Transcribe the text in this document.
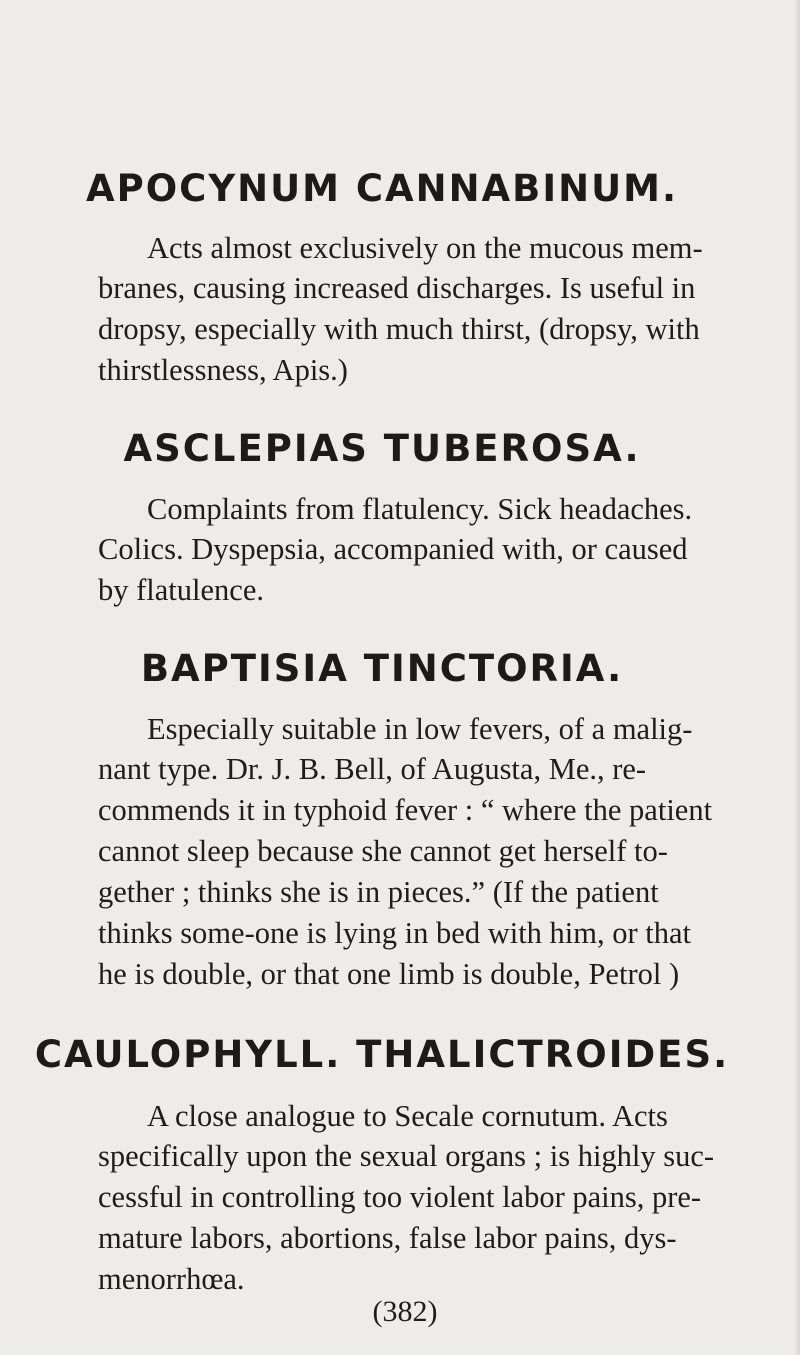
APOCYNUM CANNABINUM.
Acts almost exclusively on the mucous mem-
branes, causing increased discharges. Is useful in
dropsy, especially with much thirst, (dropsy, with
thirstlessness, Apis.)
ASCLEPIAS TUBEROSA.
Complaints from flatulency. Sick headaches.
Colics. Dyspepsia, accompanied with, or caused
by flatulence.
BAPTISIA TINCTORIA.
Especially suitable in low fevers, of a malig-
nant type. Dr. J. B. Bell, of Augusta, Me., re-
commends it in typhoid fever : “ where the patient
cannot sleep because she cannot get herself to-
gether ; thinks she is in pieces.” (If the patient
thinks some-one is lying in bed with him, or that
he is double, or that one limb is double, Petrol )
CAULOPHYLL. THALICTROIDES.
A close analogue to Secale cornutum. Acts
specifically upon the sexual organs ; is highly suc-
cessful in controlling too violent labor pains, pre-
mature labors, abortions, false labor pains, dys-
menorrhœa.
(382)
